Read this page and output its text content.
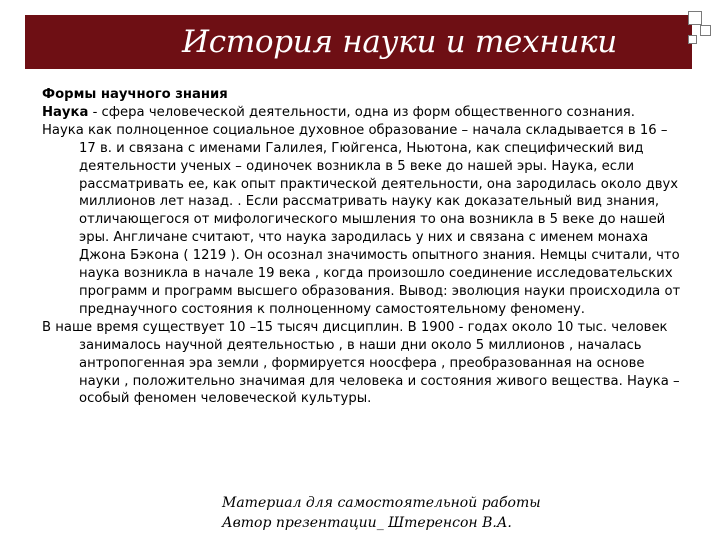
История науки и техники

Формы научного знания

Наука - сфера человеческой деятельности, одна из форм общественного сознания.

Наука как полноценное социальное духовное образование – начала складывается в 16 – 17 в. и связана с именами Галилея, Гюйгенса, Ньютона, как специфический вид деятельности ученых – одиночек возникла в 5 веке до нашей эры. Наука, если рассматривать ее, как опыт практической деятельности, она зародилась около двух миллионов лет назад. . Если рассматривать науку как доказательный вид знания, отличающегося от мифологического мышления то она возникла в 5 веке до нашей эры. Англичане считают, что наука зародилась у них и связана с именем монаха Джона Бэкона ( 1219 ). Он осознал значимость опытного знания. Немцы считали, что наука возникла в начале 19 века , когда произошло соединение исследовательских программ и программ высшего образования. Вывод: эволюция науки происходила от преднаучного состояния к полноценному самостоятельному феномену.

В наше время существует 10 –15 тысяч дисциплин. В 1900 - годах около 10 тыс. человек занималось научной деятельностью , в наши дни около 5 миллионов , началась антропогенная эра земли , формируется ноосфера , преобразованная на основе науки , положительно значимая для человека и состояния живого вещества. Наука – особый феномен человеческой культуры.

Материал для самостоятельной работы
Автор презентации_ Штеренсон В.А.
